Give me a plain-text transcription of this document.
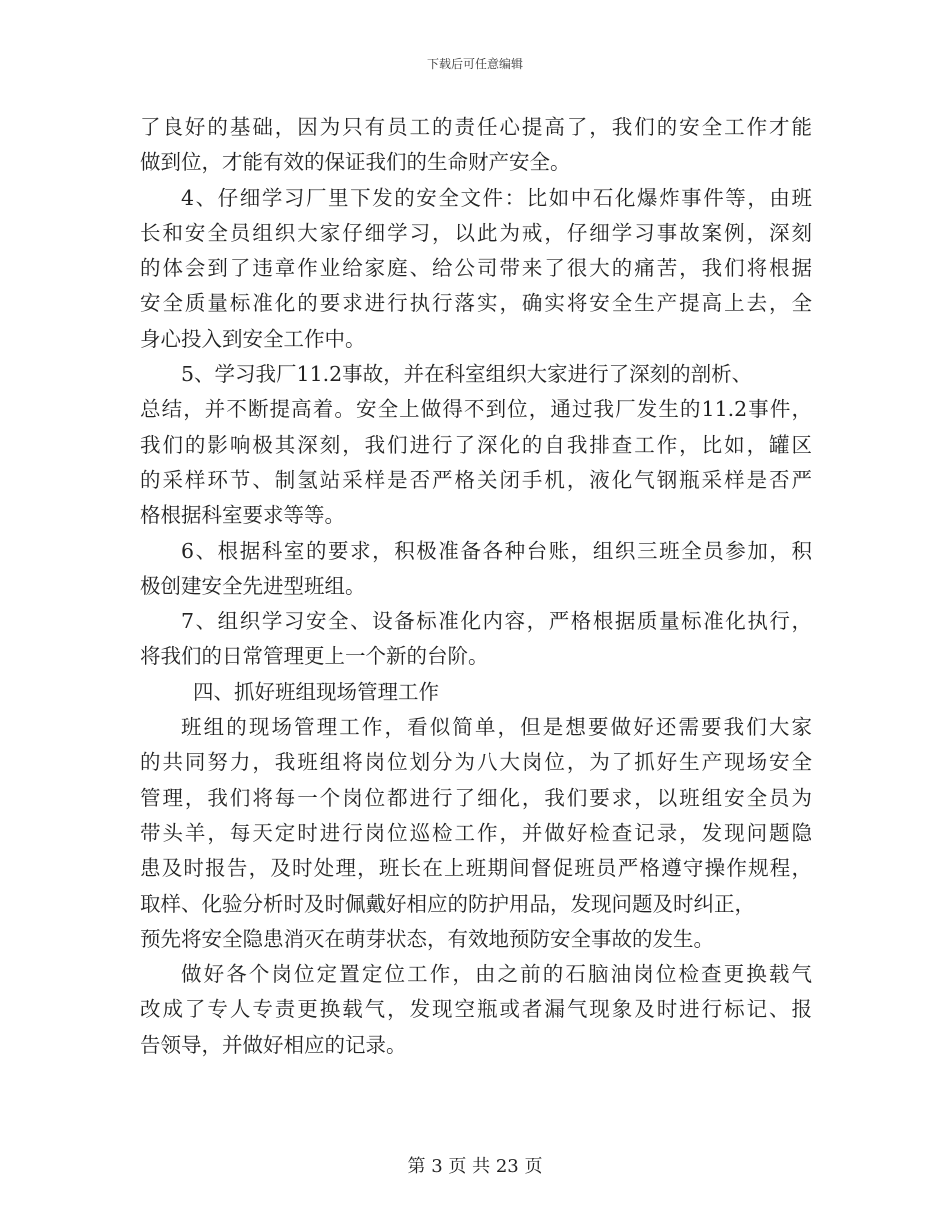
下载后可任意编辑
了良好的基础，因为只有员工的责任心提高了，我们的安全工作才能
做到位，才能有效的保证我们的生命财产安全。
4、仔细学习厂里下发的安全文件：比如中石化爆炸事件等，由班
长和安全员组织大家仔细学习，以此为戒，仔细学习事故案例，深刻
的体会到了违章作业给家庭、给公司带来了很大的痛苦，我们将根据
安全质量标准化的要求进行执行落实，确实将安全生产提高上去，全
身心投入到安全工作中。
5、学习我厂11.2事故，并在科室组织大家进行了深刻的剖析、
总结，并不断提高着。安全上做得不到位，通过我厂发生的11.2事件，
我们的影响极其深刻，我们进行了深化的自我排查工作，比如，罐区
的采样环节、制氢站采样是否严格关闭手机，液化气钢瓶采样是否严
格根据科室要求等等。
6、根据科室的要求，积极准备各种台账，组织三班全员参加，积
极创建安全先进型班组。
7、组织学习安全、设备标准化内容，严格根据质量标准化执行，
将我们的日常管理更上一个新的台阶。
四、抓好班组现场管理工作
班组的现场管理工作，看似简单，但是想要做好还需要我们大家
的共同努力，我班组将岗位划分为八大岗位，为了抓好生产现场安全
管理，我们将每一个岗位都进行了细化，我们要求，以班组安全员为
带头羊，每天定时进行岗位巡检工作，并做好检查记录，发现问题隐
患及时报告，及时处理，班长在上班期间督促班员严格遵守操作规程，
取样、化验分析时及时佩戴好相应的防护用品，发现问题及时纠正，
预先将安全隐患消灭在萌芽状态，有效地预防安全事故的发生。
做好各个岗位定置定位工作，由之前的石脑油岗位检查更换载气
改成了专人专责更换载气，发现空瓶或者漏气现象及时进行标记、报
告领导，并做好相应的记录。
第 3 页 共 23 页
